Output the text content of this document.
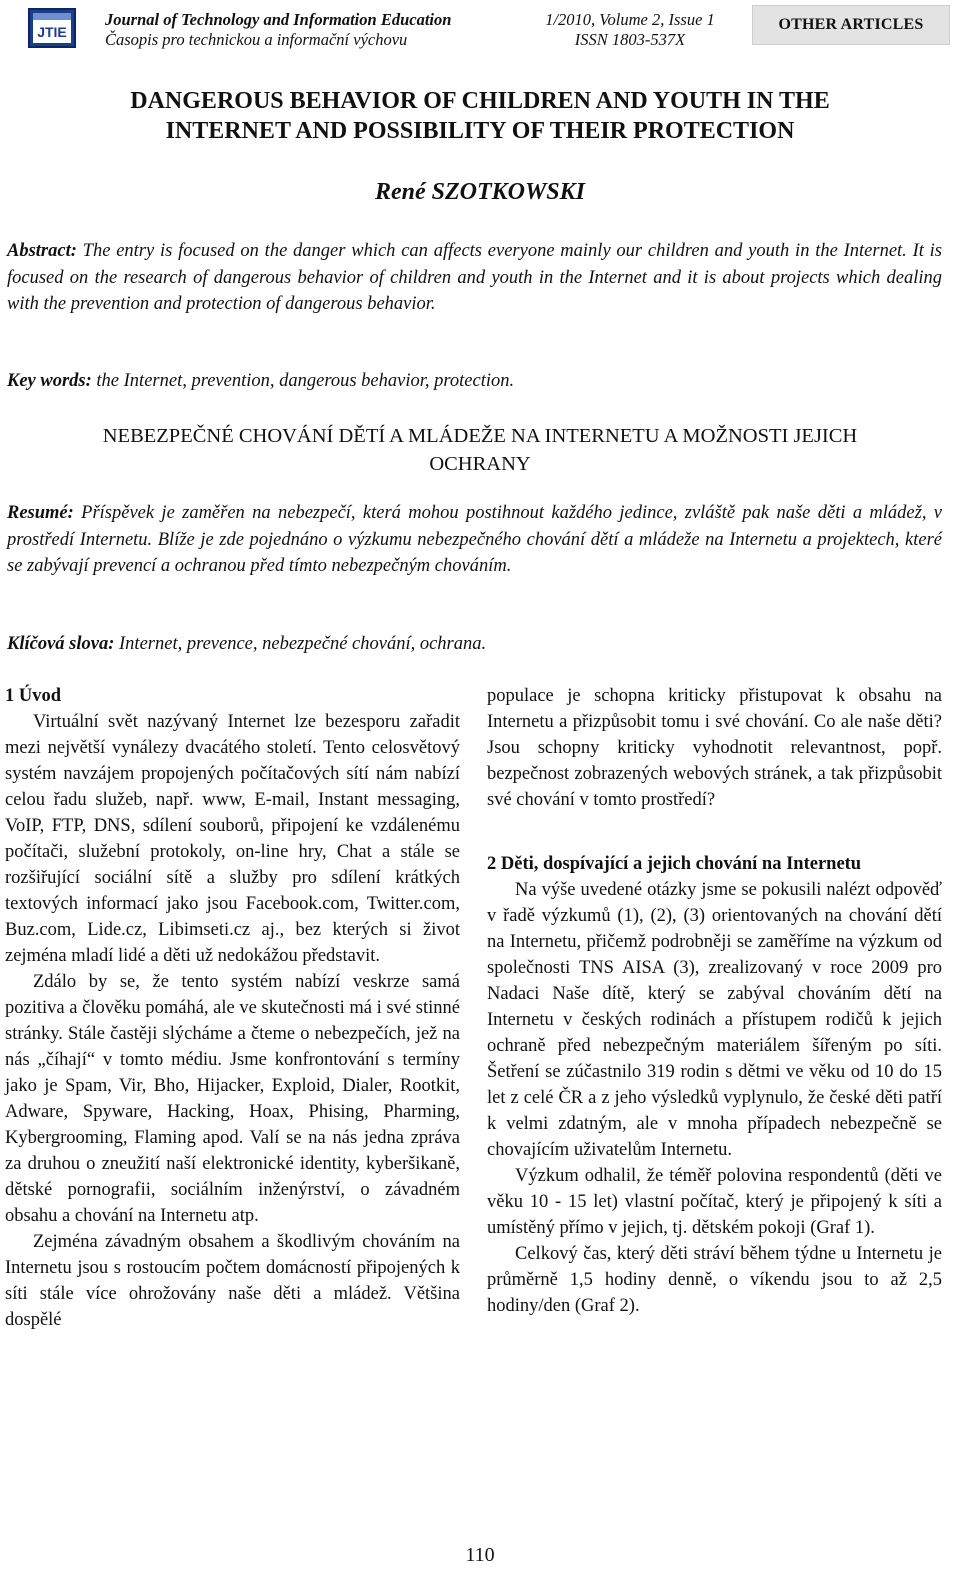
JTIE
Journal of Technology and Information Education
Časopis pro technickou a informační výchovu
1/2010, Volume 2, Issue 1
ISSN 1803-537X
OTHER ARTICLES
DANGEROUS BEHAVIOR OF CHILDREN AND YOUTH IN THE
INTERNET AND POSSIBILITY OF THEIR PROTECTION
René SZOTKOWSKI
Abstract: The entry is focused on the danger which can affects everyone mainly our children and youth in the Internet. It is focused on the research of dangerous behavior of children and youth in the Internet and it is about projects which dealing with the prevention and protection of dangerous behavior.
Key words: the Internet, prevention, dangerous behavior, protection.
NEBEZPEČNÉ CHOVÁNÍ DĚTÍ A MLÁDEŽE NA INTERNETU A MOŽNOSTI JEJICH
OCHRANY
Resumé: Příspěvek je zaměřen na nebezpečí, která mohou postihnout každého jedince, zvláště pak naše děti a mládež, v prostředí Internetu. Blíže je zde pojednáno o výzkumu nebezpečného chování dětí a mládeže na Internetu a projektech, které se zabývají prevencí a ochranou před tímto nebezpečným chováním.
Klíčová slova: Internet, prevence, nebezpečné chování, ochrana.
1 Úvod

Virtuální svět nazývaný Internet lze bezesporu zařadit mezi největší vynálezy dvacátého století. Tento celosvětový systém navzájem propojených počítačových sítí nám nabízí celou řadu služeb, např. www, E-mail, Instant messaging, VoIP, FTP, DNS, sdílení souborů, připojení ke vzdálenému počítači, služební protokoly, on-line hry, Chat a stále se rozšiřující sociální sítě a služby pro sdílení krátkých textových informací jako jsou Facebook.com, Twitter.com, Buz.com, Lide.cz, Libimseti.cz aj., bez kterých si život zejména mladí lidé a děti už nedokážou představit.

Zdálo by se, že tento systém nabízí veskrze samá pozitiva a člověku pomáhá, ale ve skutečnosti má i své stinné stránky. Stále častěji slýcháme a čteme o nebezpečích, jež na nás „číhají“ v tomto médiu. Jsme konfrontování s termíny jako je Spam, Vir, Bho, Hijacker, Exploid, Dialer, Rootkit, Adware, Spyware, Hacking, Hoax, Phising, Pharming, Kybergrooming, Flaming apod. Valí se na nás jedna zpráva za druhou o zneužití naší elektronické identity, kyberšikaně, dětské pornografii, sociálním inženýrství, o závadném obsahu a chování na Internetu atp.

Zejména závadným obsahem a škodlivým chováním na Internetu jsou s rostoucím počtem domácností připojených k síti stále více ohrožovány naše děti a mládež. Většina dospělé

populace je schopna kriticky přistupovat k obsahu na Internetu a přizpůsobit tomu i své chování. Co ale naše děti? Jsou schopny kriticky vyhodnotit relevantnost, popř. bezpečnost zobrazených webových stránek, a tak přizpůsobit své chování v tomto prostředí?

2 Děti, dospívající a jejich chování na Internetu

Na výše uvedené otázky jsme se pokusili nalézt odpověď v řadě výzkumů (1), (2), (3) orientovaných na chování dětí na Internetu, přičemž podrobněji se zaměříme na výzkum od společnosti TNS AISA (3), zrealizovaný v roce 2009 pro Nadaci Naše dítě, který se zabýval chováním dětí na Internetu v českých rodinách a přístupem rodičů k jejich ochraně před nebezpečným materiálem šířeným po síti. Šetření se zúčastnilo 319 rodin s dětmi ve věku od 10 do 15 let z celé ČR a z jeho výsledků vyplynulo, že české děti patří k velmi zdatným, ale v mnoha případech nebezpečně se chovajícím uživatelům Internetu.

Výzkum odhalil, že téměř polovina respondentů (děti ve věku 10 - 15 let) vlastní počítač, který je připojený k síti a umístěný přímo v jejich, tj. dětském pokoji (Graf 1).

Celkový čas, který děti stráví během týdne u Internetu je průměrně 1,5 hodiny denně, o víkendu jsou to až 2,5 hodiny/den (Graf 2).

110
